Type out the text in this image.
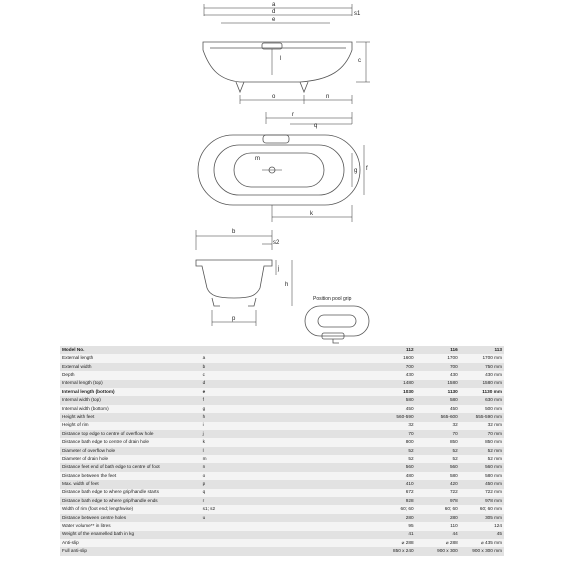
a
s1
d
e
l	c
o	n
r
q
m
g f
k
b
s2
j
h
p
Position pool grip
Model No.		112	116	113
External length	a	1600	1700	1700 mm
External width	b	700	700	750 mm
Depth	c	430	430	430 mm
Internal length (top)	d	1480	1580	1580 mm
Internal length (bottom)	e	1030	1130	1130 mm
Internal width (top)	f	580	580	630 mm
Internal width (bottom)	g	450	450	500 mm
Height with feet	h	560-590	565-600	555-590 mm
Height of rim	i	32	32	32 mm
Distance top edge to centre of overflow hole	j	70	70	70 mm
Distance bath edge to centre of drain hole	k	800	850	850 mm
Diameter of overflow hole	l	52	52	52 mm
Diameter of drain hole	m	52	52	52 mm
Distance feet end of bath edge to centre of foot	n	560	560	560 mm
Distance between the feet	o	480	580	580 mm
Max. width of feet	p	410	420	450 mm
Distance bath edge to where grip/handle starts	q	672	722	722 mm
Distance bath edge to where grip/handle ends	r	928	978	978 mm
Width of rim (foot end; lengthwise)	s1; s2	60; 60	60; 60	60; 60 mm
Distance between centre holes	u	280	280	305 mm
Water volume** in litres		95	110	124
Weight of the enamelled bath in kg		41	44	45
Anti-slip		⌀ 288	⌀ 288	⌀ 435 mm
Full anti-slip		850 x 240	900 x 300	900 x 300 mm
